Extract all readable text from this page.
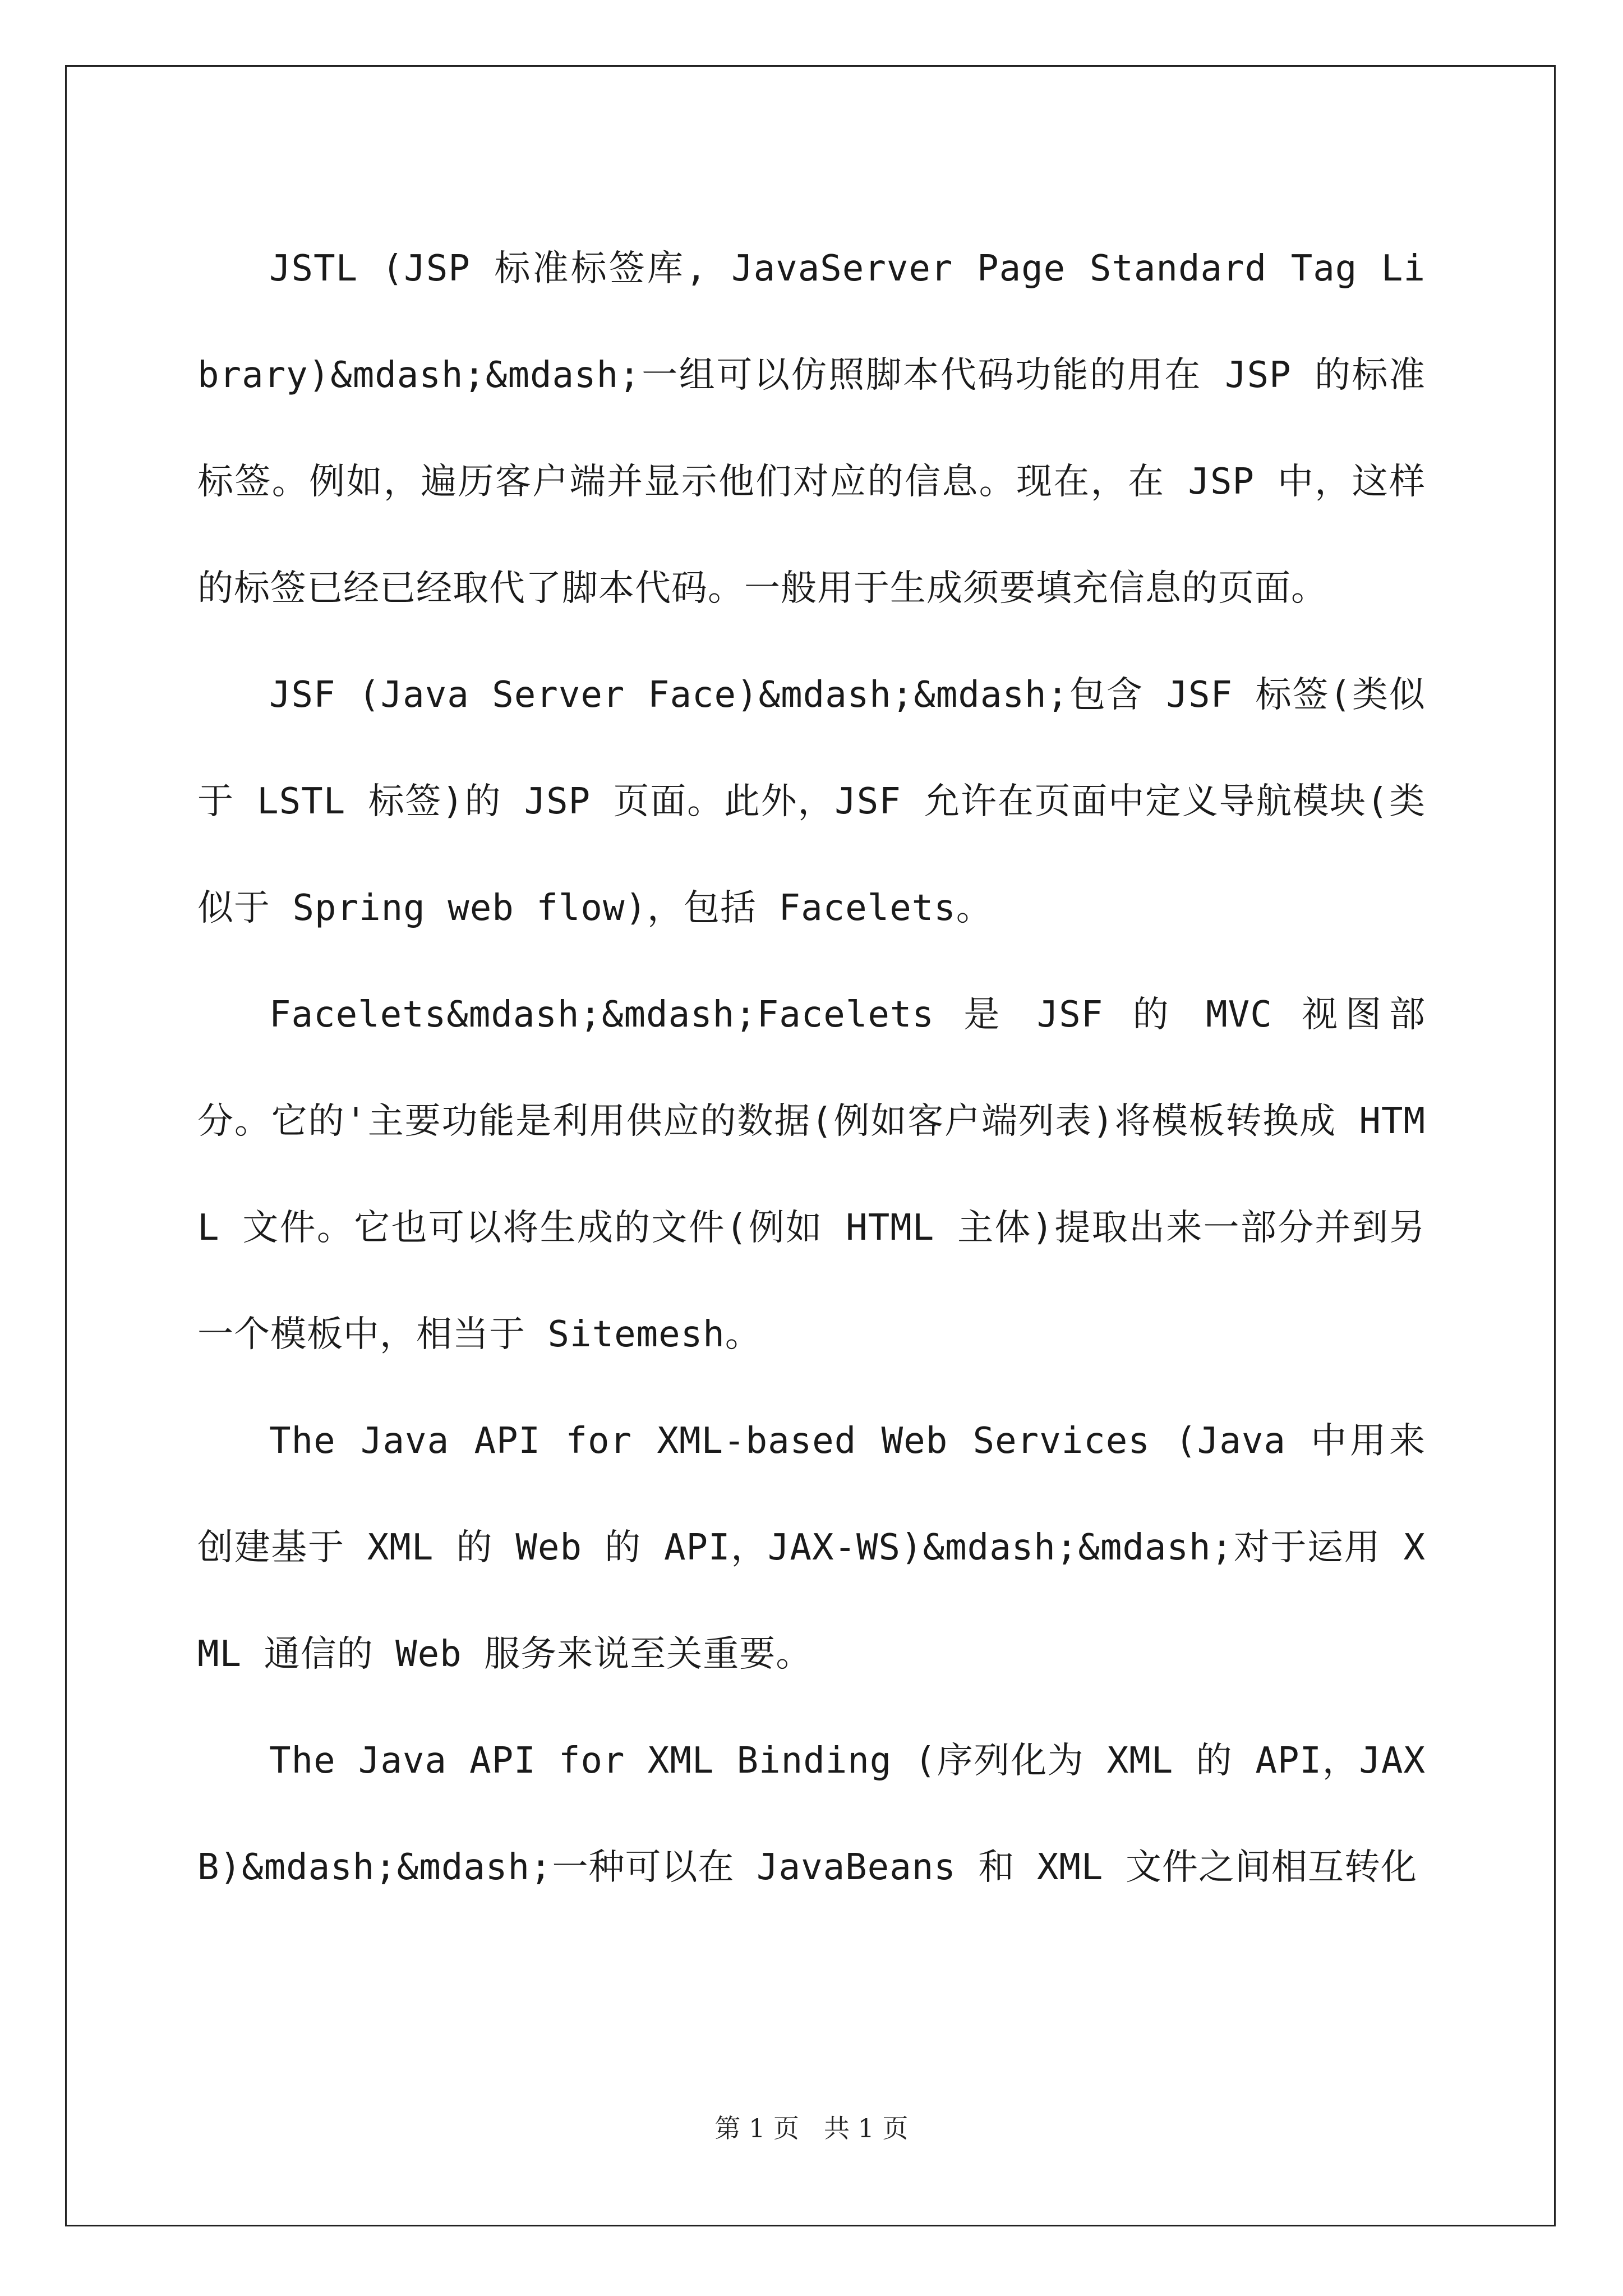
JSTL (JSP 标准标签库, JavaServer Page Standard Tag Library)&mdash;&mdash;一组可以仿照脚本代码功能的用在 JSP 的标准标签。例如，遍历客户端并显示他们对应的信息。现在，在 JSP 中，这样的标签已经已经取代了脚本代码。一般用于生成须要填充信息的页面。

JSF (Java Server Face)&mdash;&mdash;包含 JSF 标签(类似于 LSTL 标签)的 JSP 页面。此外，JSF 允许在页面中定义导航模块(类似于 Spring web flow)，包括 Facelets。

Facelets&mdash;&mdash;Facelets 是 JSF 的 MVC 视图部分。它的'主要功能是利用供应的数据(例如客户端列表)将模板转换成 HTML 文件。它也可以将生成的文件(例如 HTML 主体)提取出来一部分并到另一个模板中，相当于 Sitemesh。

The Java API for XML-based Web Services (Java 中用来创建基于 XML 的 Web 的 API，JAX-WS)&mdash;&mdash;对于运用 XML 通信的 Web 服务来说至关重要。

The Java API for XML Binding (序列化为 XML 的 API，JAXB)&mdash;&mdash;一种可以在 JavaBeans 和 XML 文件之间相互转化

第 1 页 共 1 页
